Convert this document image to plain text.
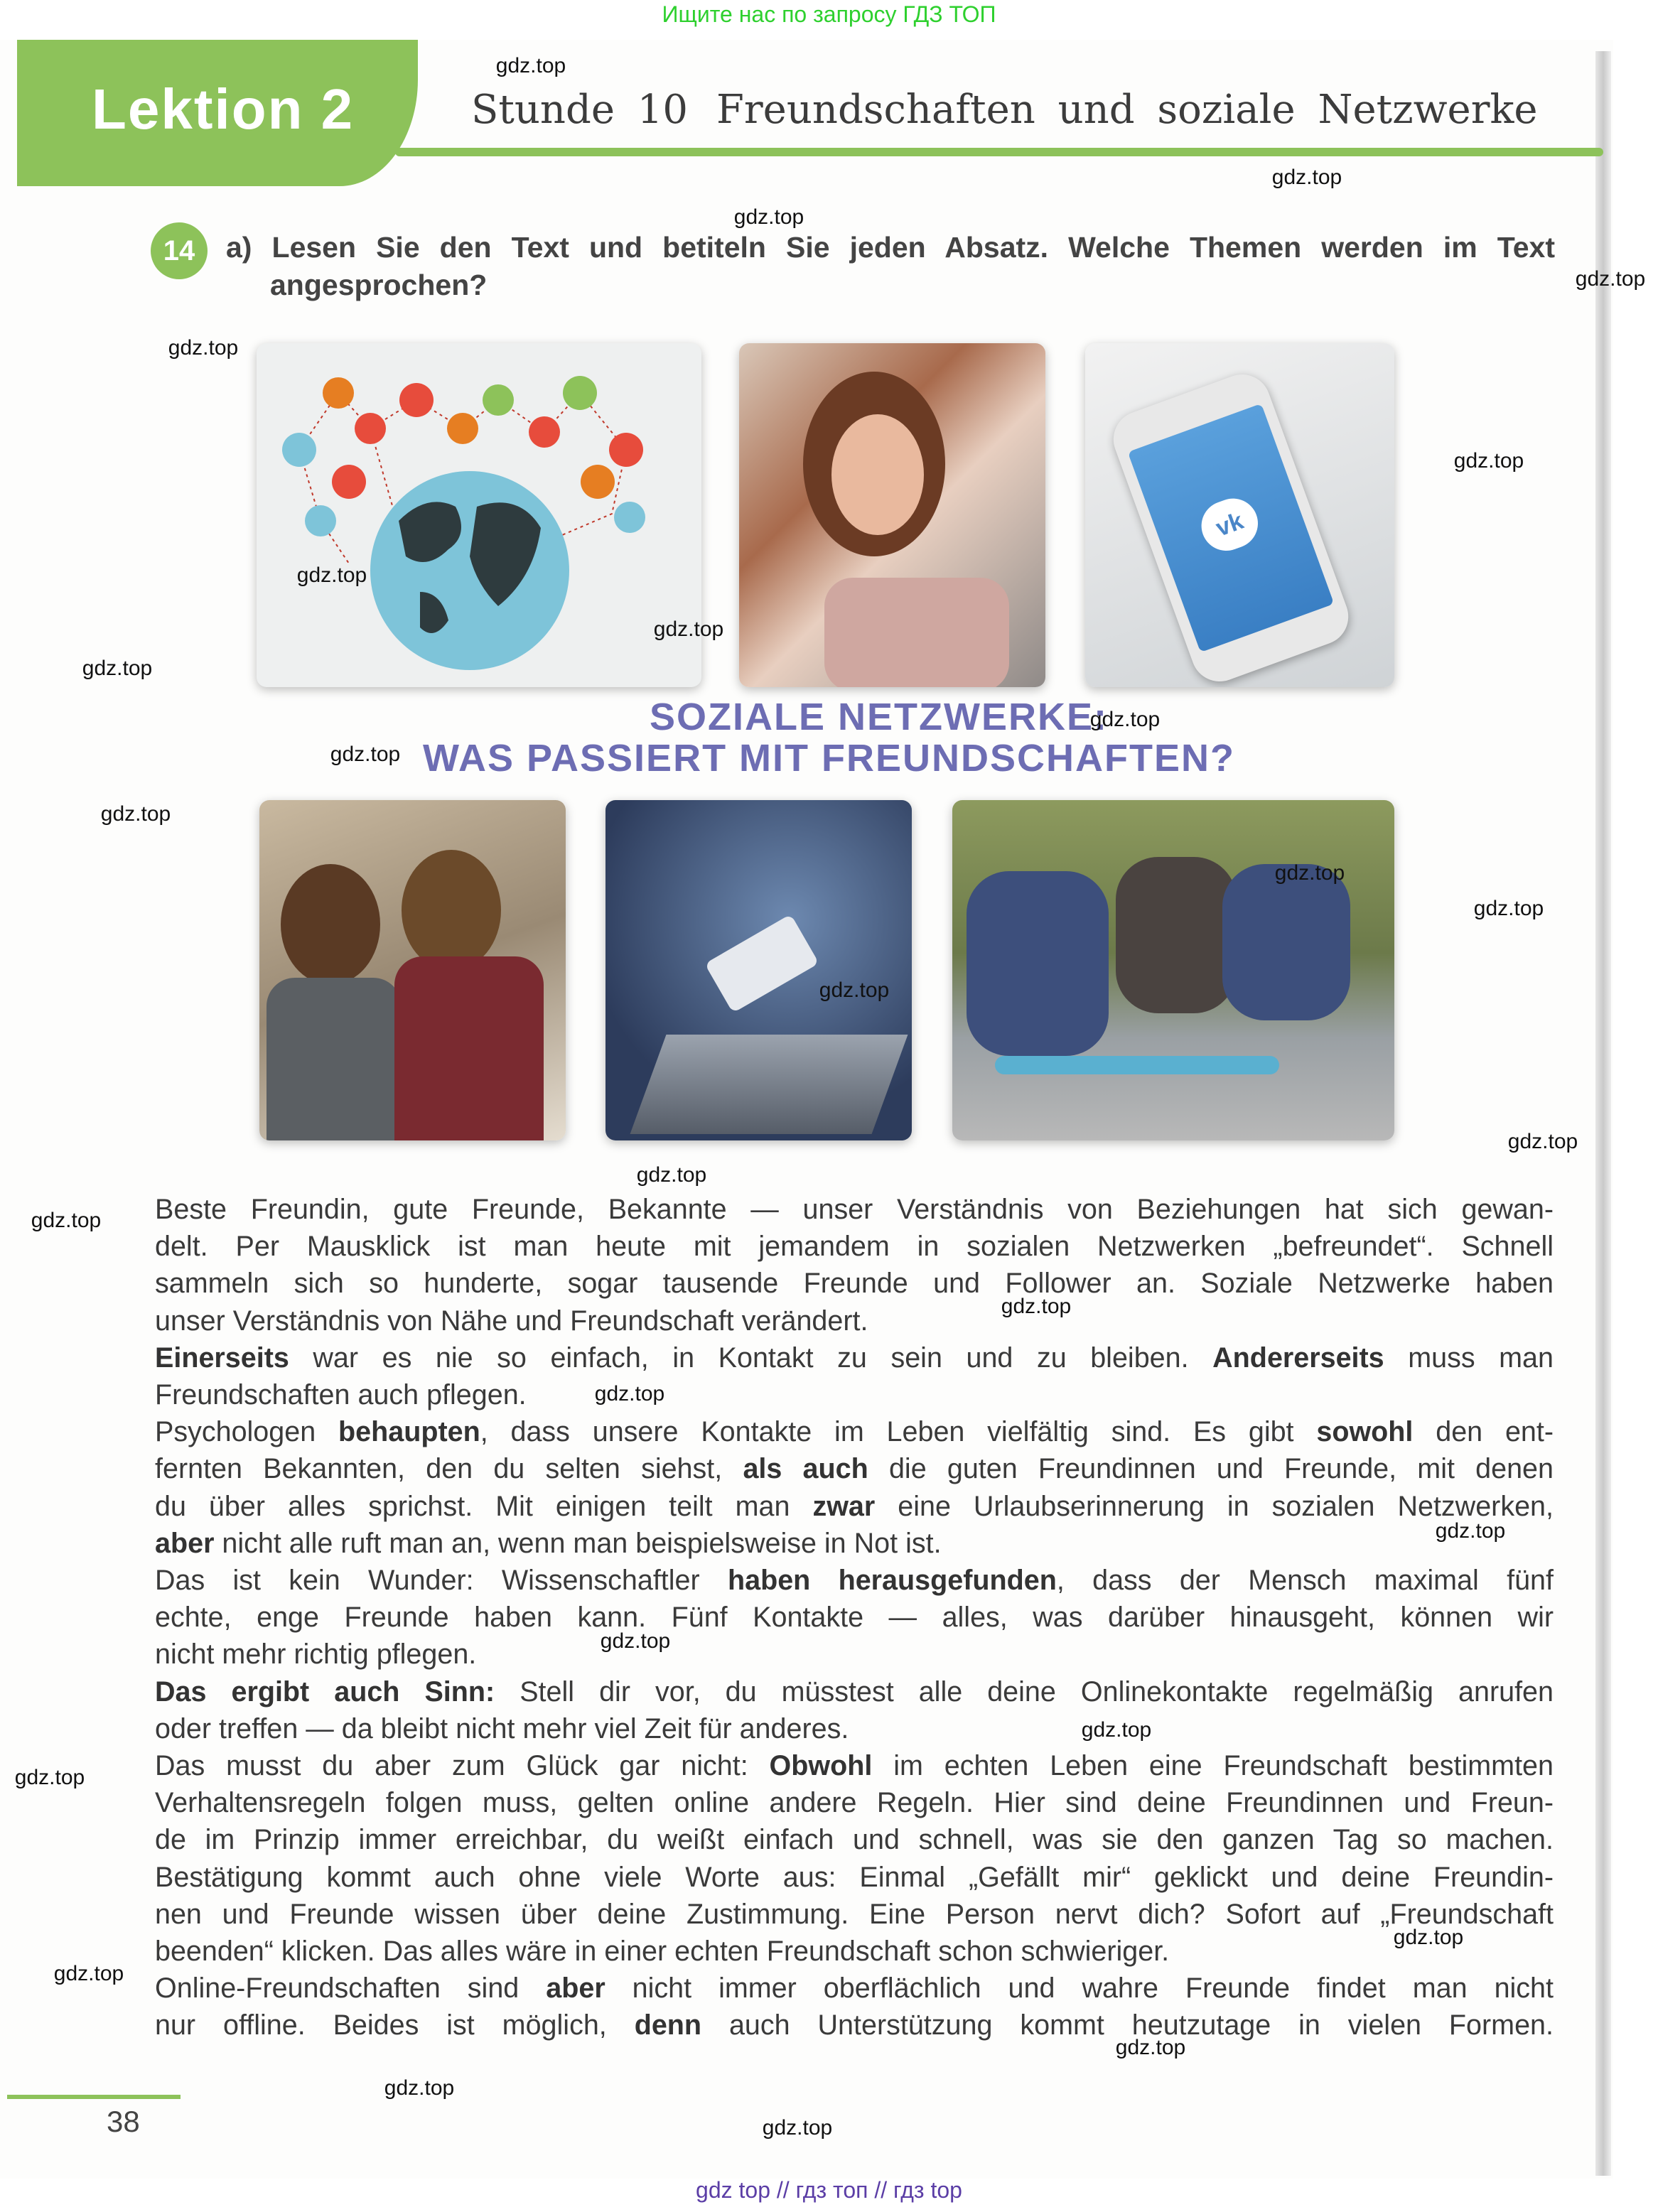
Ищите нас по запросу ГДЗ ТОП
Lektion 2	Stunde 10 Freundschaften und soziale Netzwerke
14	a) Lesen Sie den Text und betiteln Sie jeden Absatz. Welche Themen werden im Text
angesprochen?
vk
SOZIALE NETZWERKE:
WAS PASSIERT MIT FREUNDSCHAFTEN?
Beste Freundin, gute Freunde, Bekannte — unser Verständnis von Beziehungen hat sich gewan-
delt. Per Mausklick ist man heute mit jemandem in sozialen Netzwerken „befreundet“. Schnell
sammeln sich so hunderte, sogar tausende Freunde und Follower an. Soziale Netzwerke haben
unser Verständnis von Nähe und Freundschaft verändert.
Einerseits war es nie so einfach, in Kontakt zu sein und zu bleiben. Andererseits muss man
Freundschaften auch pflegen.
Psychologen behaupten, dass unsere Kontakte im Leben vielfältig sind. Es gibt sowohl den ent-
fernten Bekannten, den du selten siehst, als auch die guten Freundinnen und Freunde, mit denen
du über alles sprichst. Mit einigen teilt man zwar eine Urlaubserinnerung in sozialen Netzwerken,
aber nicht alle ruft man an, wenn man beispielsweise in Not ist.
Das ist kein Wunder: Wissenschaftler haben herausgefunden, dass der Mensch maximal fünf
echte, enge Freunde haben kann. Fünf Kontakte — alles, was darüber hinausgeht, können wir
nicht mehr richtig pflegen.
Das ergibt auch Sinn: Stell dir vor, du müsstest alle deine Onlinekontakte regelmäßig anrufen
oder treffen — da bleibt nicht mehr viel Zeit für anderes.
Das musst du aber zum Glück gar nicht: Obwohl im echten Leben eine Freundschaft bestimmten
Verhaltensregeln folgen muss, gelten online andere Regeln. Hier sind deine Freundinnen und Freun-
de im Prinzip immer erreichbar, du weißt einfach und schnell, was sie den ganzen Tag so machen.
Bestätigung kommt auch ohne viele Worte aus: Einmal „Gefällt mir“ geklickt und deine Freundin-
nen und Freunde wissen über deine Zustimmung. Eine Person nervt dich? Sofort auf „Freundschaft
beenden“ klicken. Das alles wäre in einer echten Freundschaft schon schwieriger.
Online-Freundschaften sind aber nicht immer oberflächlich und wahre Freunde findet man nicht
nur offline. Beides ist möglich, denn auch Unterstützung kommt heutzutage in vielen Formen.
38
gdz top // гдз топ // гдз top
gdz.top
gdz.top
gdz.top
gdz.top
gdz.top
gdz.top
gdz.top
gdz.top
gdz.top
gdz.top
gdz.top
gdz.top
gdz.top
gdz.top
gdz.top
gdz.top
gdz.top
gdz.top
gdz.top
gdz.top
gdz.top
gdz.top
gdz.top
gdz.top
gdz.top
gdz.top
gdz.top
gdz.top
gdz.top
